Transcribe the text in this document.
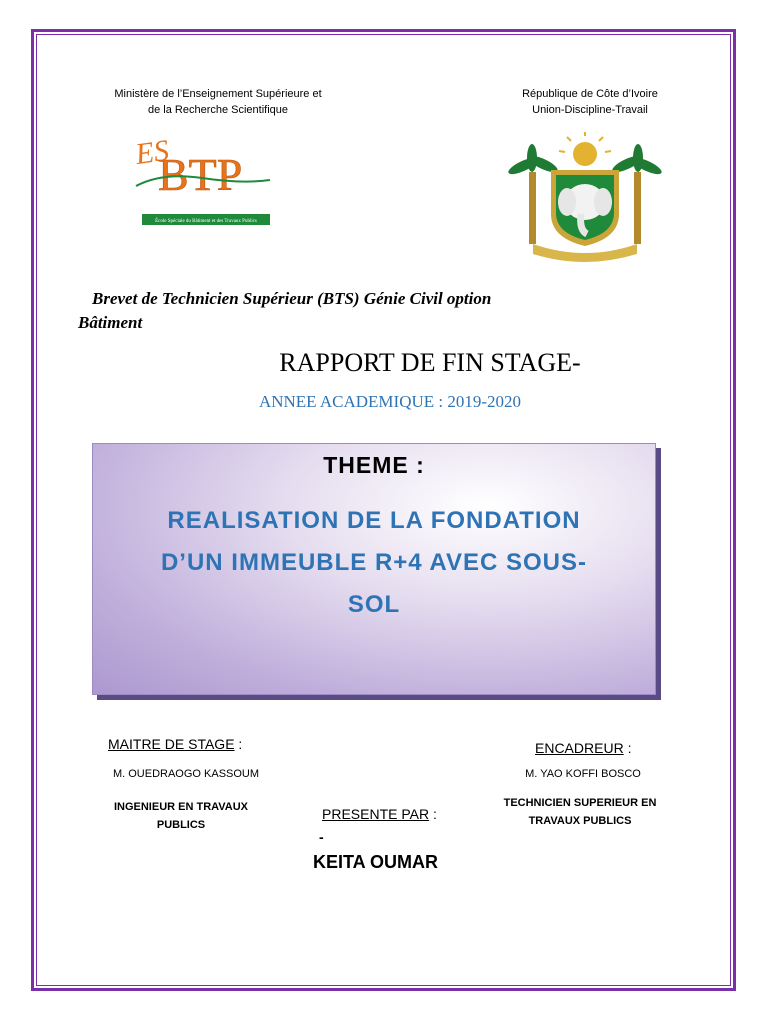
Ministère de l’Enseignement Supérieure et
de la Recherche Scientifique
République de Côte d’Ivoire
Union-Discipline-Travail
ES
BTP
École Spéciale du Bâtiment et des Travaux Publics
Brevet de Technicien Supérieur (BTS) Génie Civil option
Bâtiment
RAPPORT DE FIN STAGE-
ANNEE ACADEMIQUE : 2019-2020
THEME :
REALISATION DE LA FONDATION
D’UN IMMEUBLE R+4 AVEC SOUS-
SOL
MAITRE DE STAGE :
M. OUEDRAOGO KASSOUM
INGENIEUR EN TRAVAUX
PUBLICS
ENCADREUR :
M. YAO KOFFI BOSCO
TECHNICIEN SUPERIEUR EN
TRAVAUX PUBLICS
PRESENTE PAR :
-
KEITA OUMAR
